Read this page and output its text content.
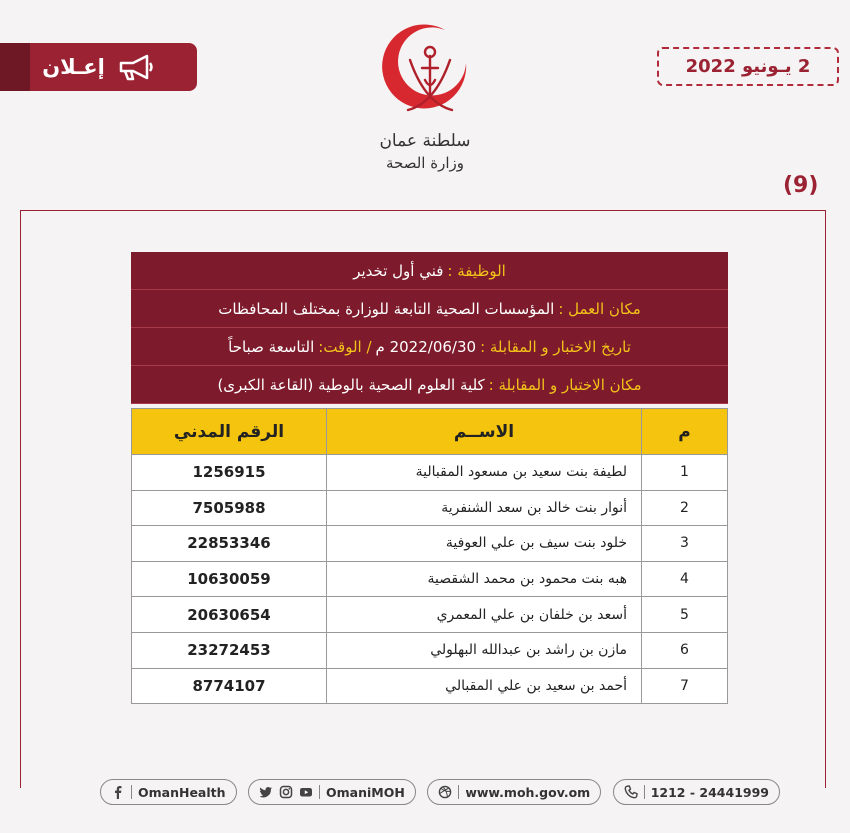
إعـلان	2 يـونيو 2022
سلطنة عمان
وزارة الصحة
(9)
الوظيفة :
فني أول تخدير
مكان العمل :
المؤسسات الصحية التابعة للوزارة بمختلف المحافظات
تاريخ الاختبار و المقابلة :
2022/06/30 م
/ الوقت:
التاسعة صباحاً
مكان الاختبار و المقابلة :
كلية العلوم الصحية بالوطية (القاعة الكبرى)
م	الاســم	الرقم المدني
1	لطيفة بنت سعيد بن مسعود المقبالية	1256915
2	أنوار بنت خالد بن سعد الشنفرية	7505988
3	خلود بنت سيف بن علي العوفية	22853346
4	هبه بنت محمود بن محمد الشقصية	10630059
5	أسعد بن خلفان بن علي المعمري	20630654
6	مازن بن راشد بن عبدالله البهلولي	23272453
7	أحمد بن سعيد بن علي المقبالي	8774107
OmanHealth	OmaniMOH	www.moh.gov.om	1212 - 24441999
